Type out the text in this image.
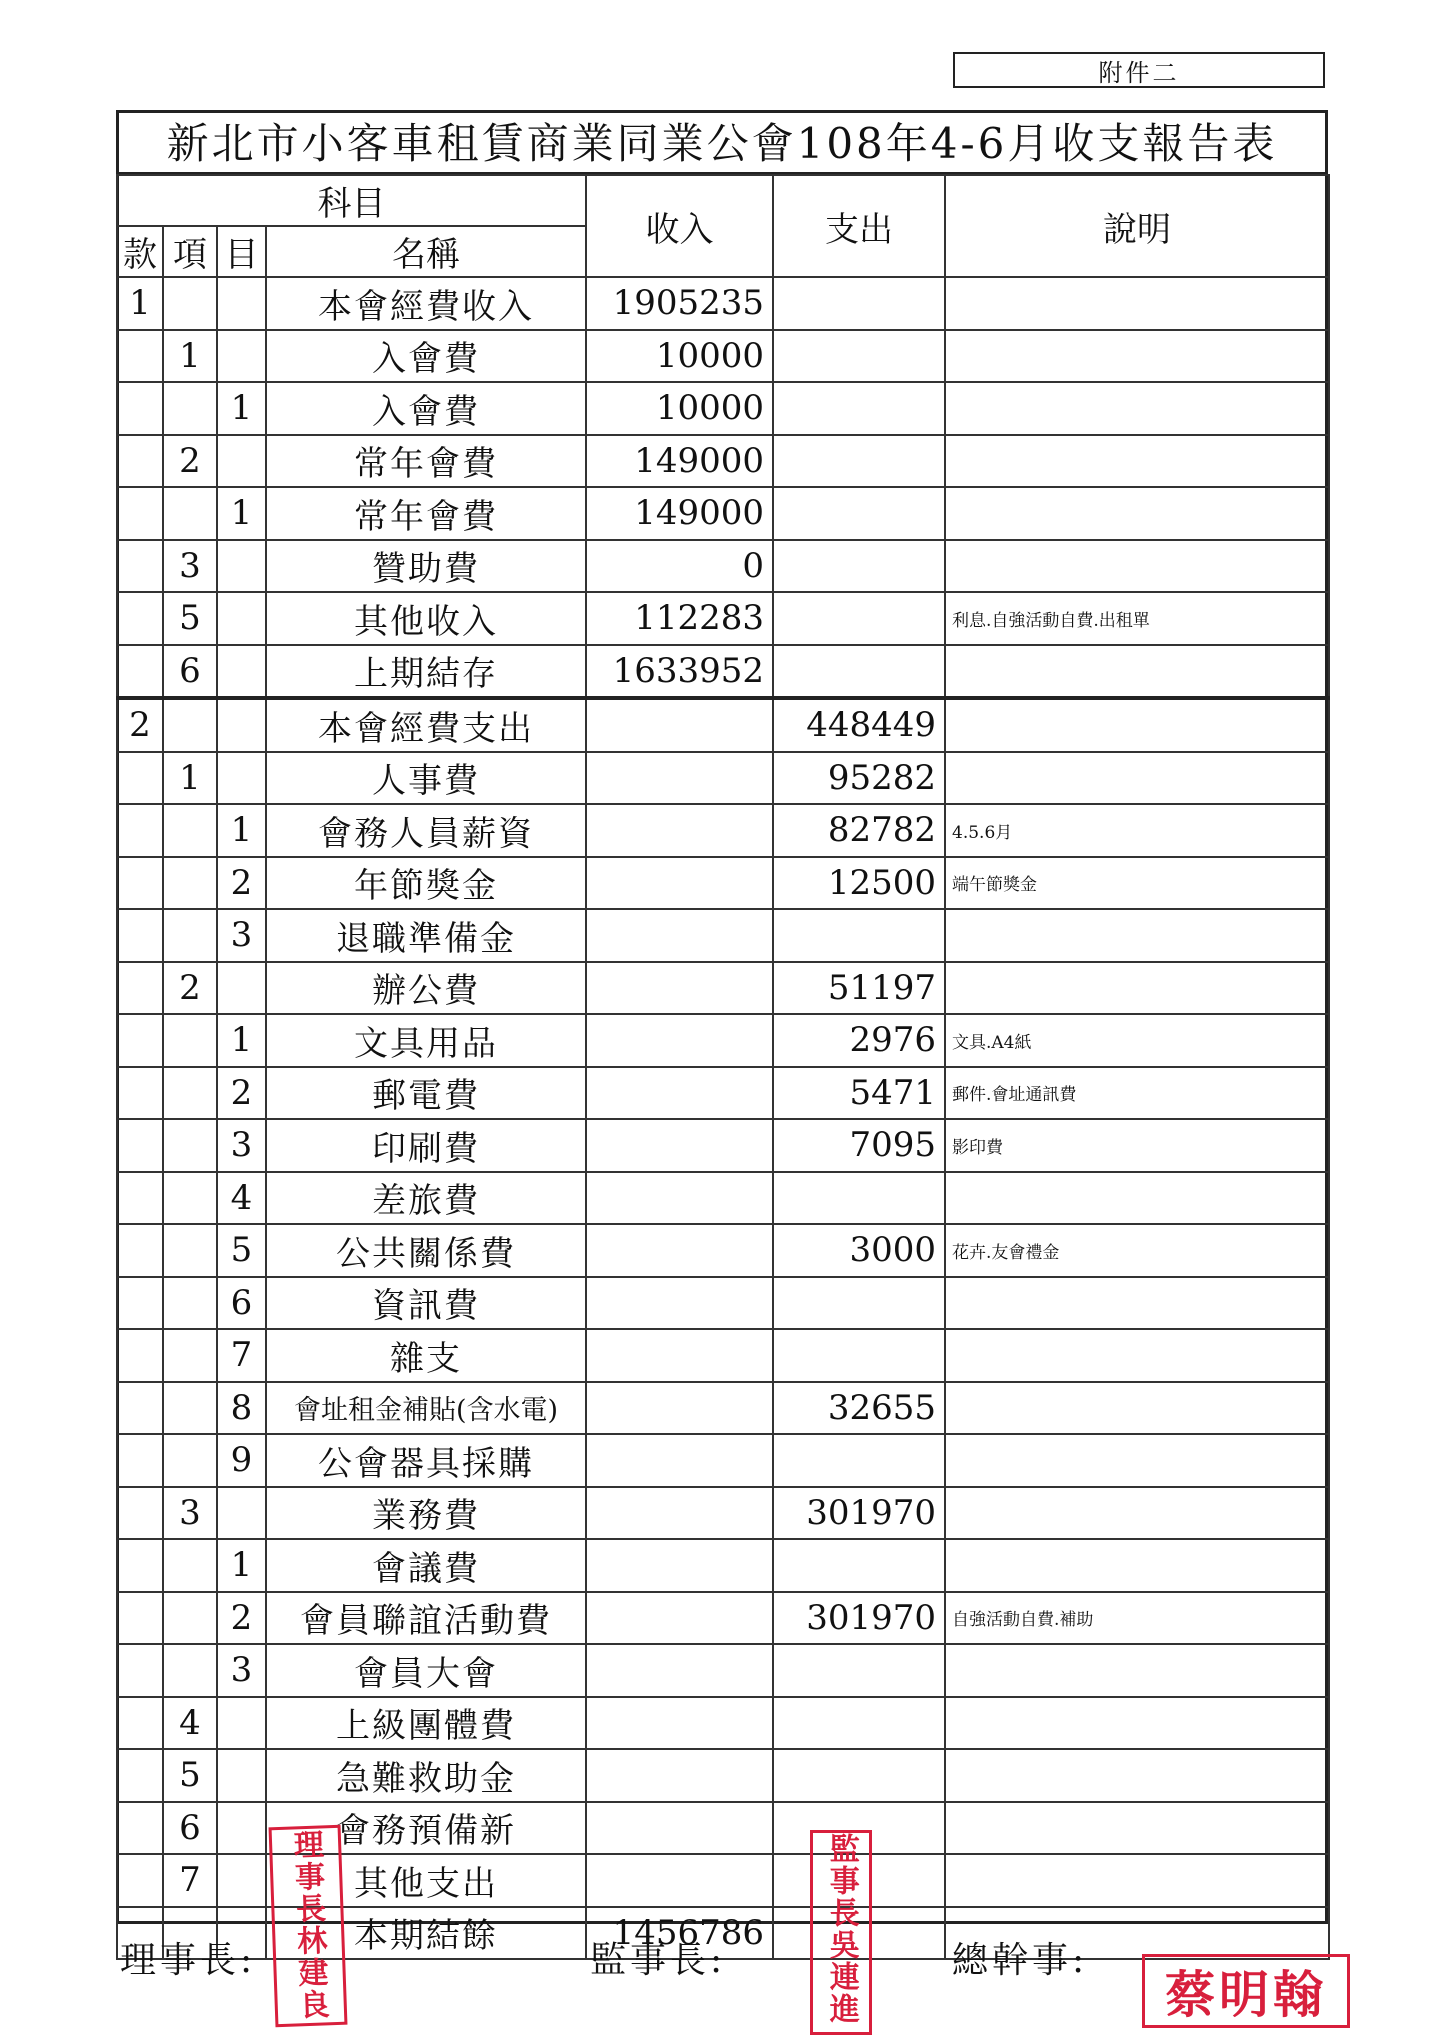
附件二
新北市小客車租賃商業同業公會108年4-6月收支報告表
科目				收入	支出	說明
款	項	目	名稱			
1			本會經費收入	1905235		
	1		入會費	10000		
		1	入會費	10000		
	2		常年會費	149000		
		1	常年會費	149000		
	3		贊助費	0		
	5		其他收入	112283		利息.自強活動自費.出租單
	6		上期結存	1633952		
2			本會經費支出		448449	
	1		人事費		95282	
		1	會務人員薪資		82782	4.5.6月
		2	年節獎金		12500	端午節獎金
		3	退職準備金			
	2		辦公費		51197	
		1	文具用品		2976	文具.A4紙
		2	郵電費		5471	郵件.會址通訊費
		3	印刷費		7095	影印費
		4	差旅費			
		5	公共關係費		3000	花卉.友會禮金
		6	資訊費			
		7	雜支			
		8	會址租金補貼(含水電)		32655	
		9	公會器具採購			
	3		業務費		301970	
		1	會議費			
		2	會員聯誼活動費		301970	自強活動自費.補助
		3	會員大會			
	4		上級團體費			
	5		急難救助金			
	6		會務預備新			
	7		其他支出			
			本期結餘	1456786		
理事長:	監事長:	總幹事:
理事長林建良	監事長吳連進	蔡明翰
